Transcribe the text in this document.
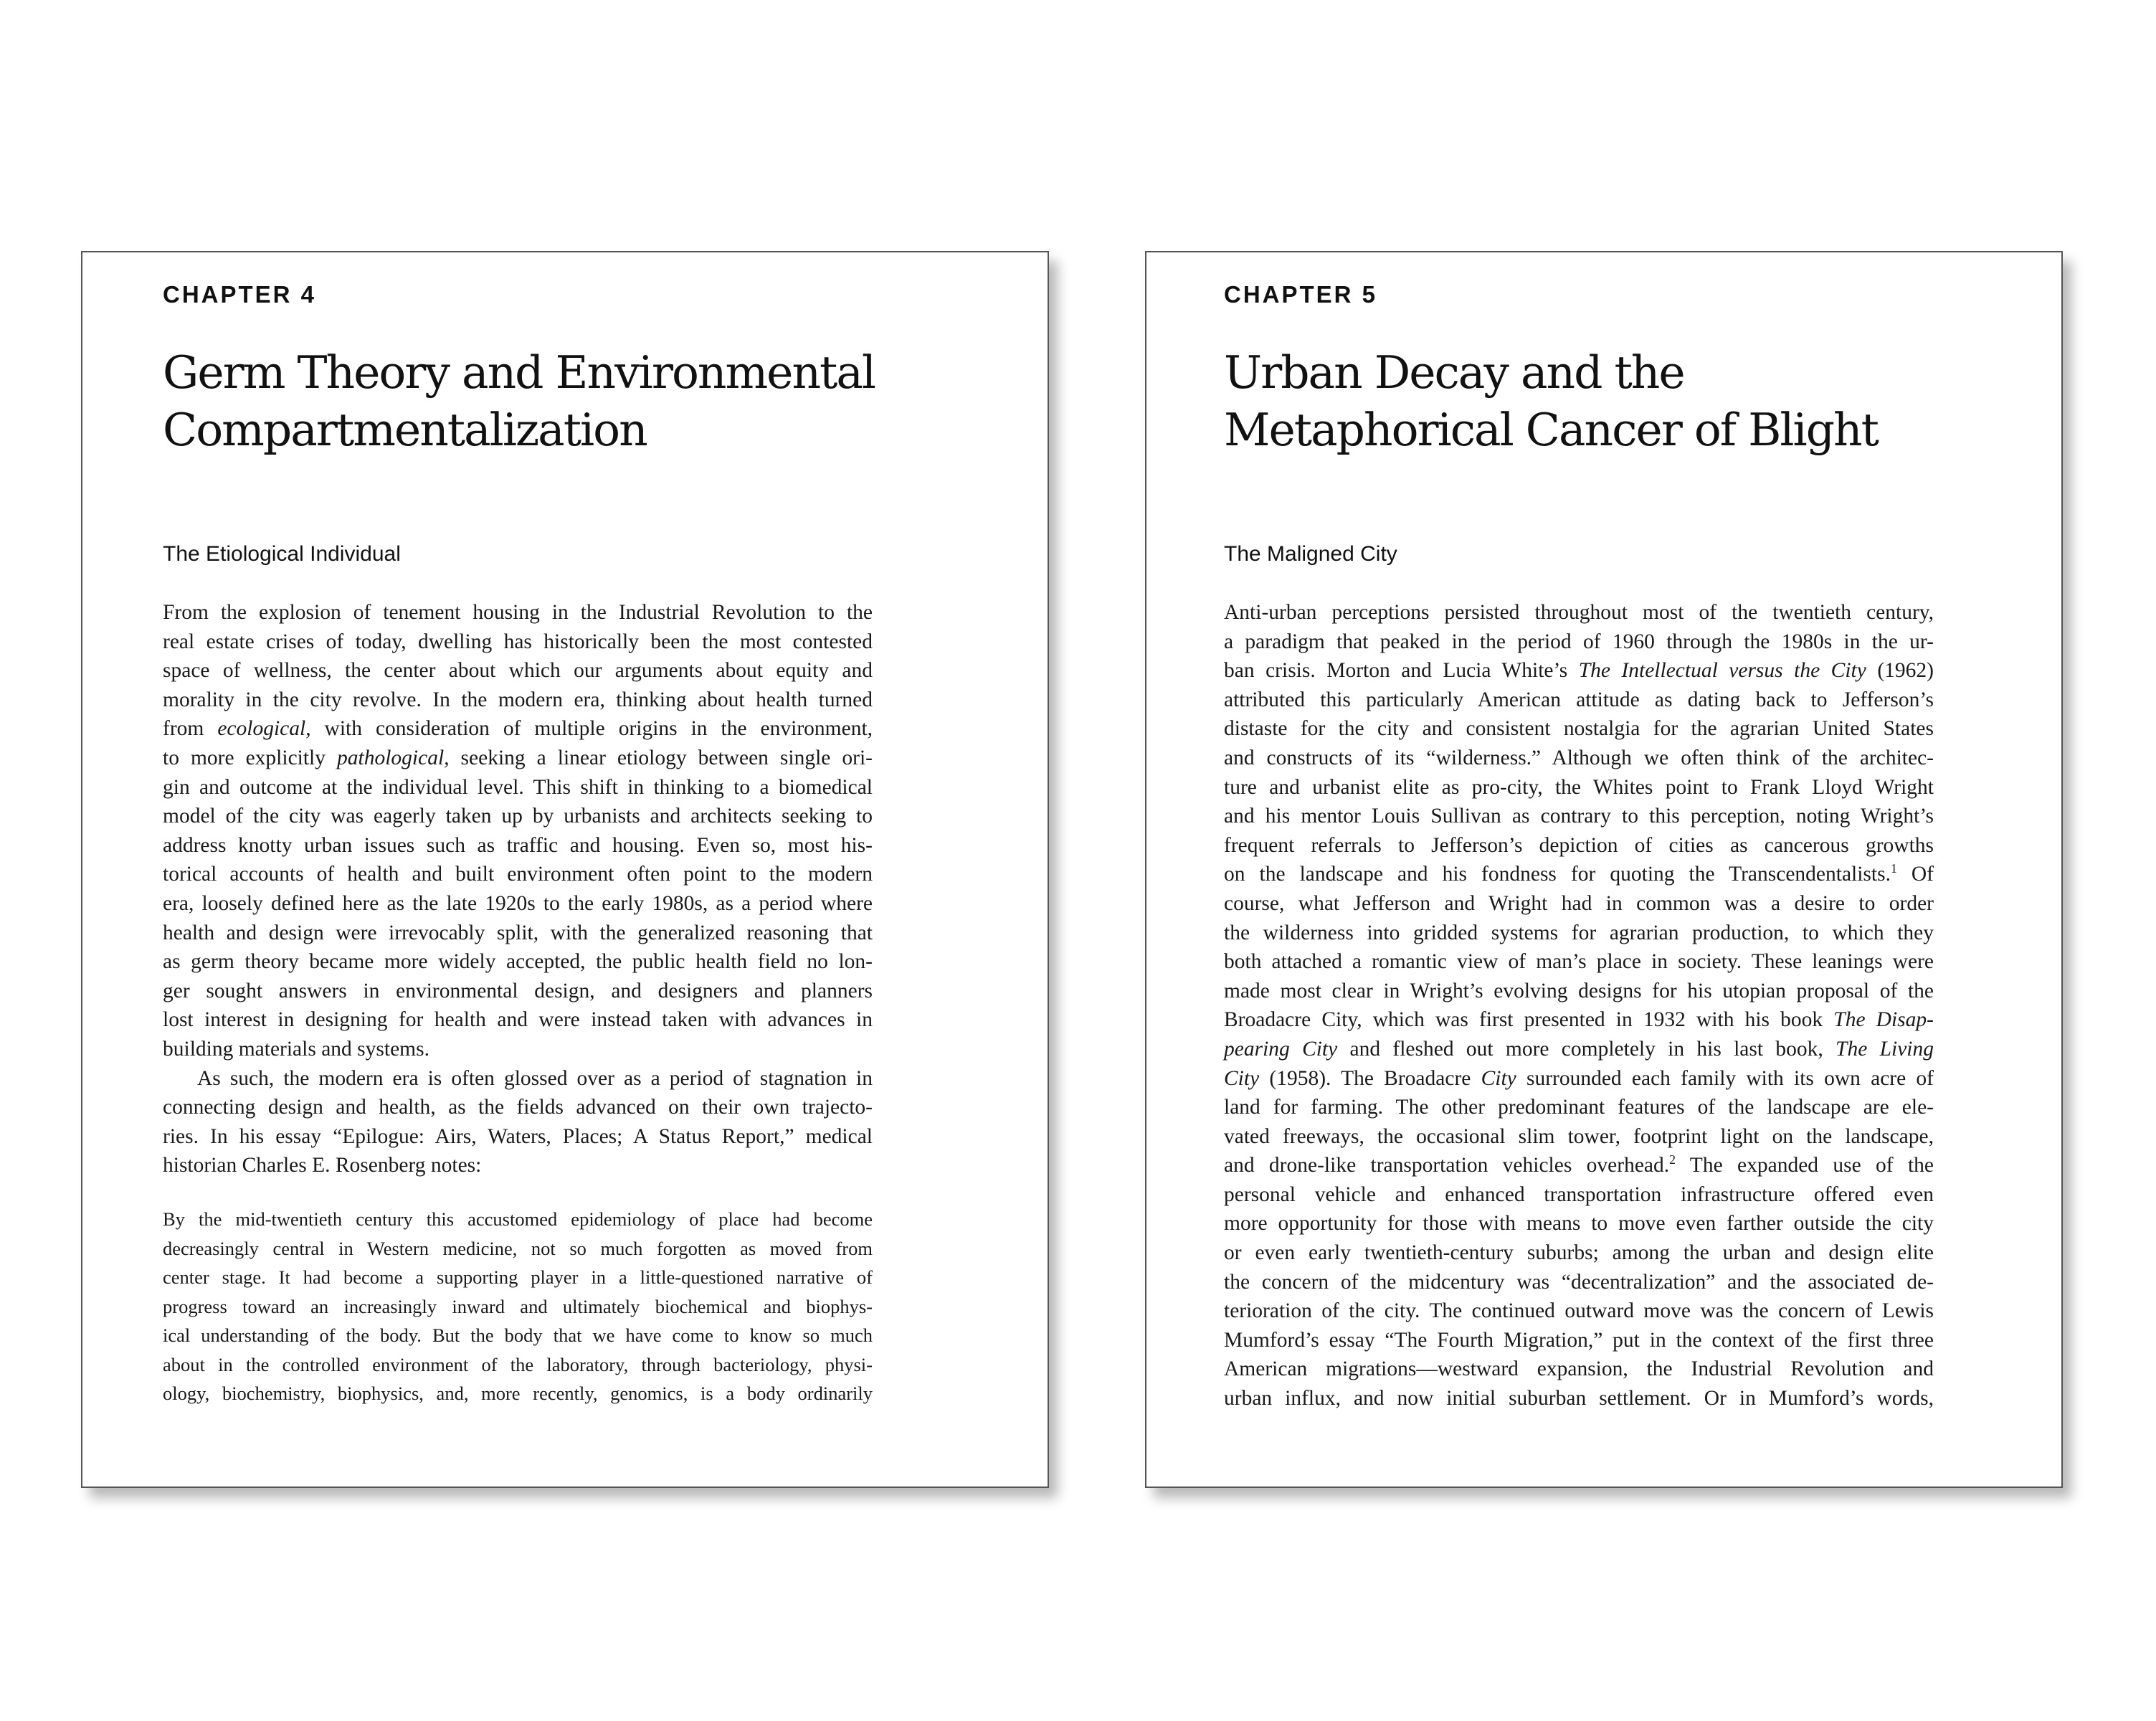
CHAPTER 4
Germ Theory and Environmental
Compartmentalization
The Etiological Individual
From the explosion of tenement housing in the Industrial Revolution to the
real estate crises of today, dwelling has historically been the most contested
space of wellness, the center about which our arguments about equity and
morality in the city revolve. In the modern era, thinking about health turned
from ecological, with consideration of multiple origins in the environment,
to more explicitly pathological, seeking a linear etiology between single ori-
gin and outcome at the individual level. This shift in thinking to a biomedical
model of the city was eagerly taken up by urbanists and architects seeking to
address knotty urban issues such as traffic and housing. Even so, most his-
torical accounts of health and built environment often point to the modern
era, loosely defined here as the late 1920s to the early 1980s, as a period where
health and design were irrevocably split, with the generalized reasoning that
as germ theory became more widely accepted, the public health field no lon-
ger sought answers in environmental design, and designers and planners
lost interest in designing for health and were instead taken with advances in
building materials and systems.
As such, the modern era is often glossed over as a period of stagnation in
connecting design and health, as the fields advanced on their own trajecto-
ries. In his essay “Epilogue: Airs, Waters, Places; A Status Report,” medical
historian Charles E. Rosenberg notes:
By the mid-twentieth century this accustomed epidemiology of place had become
decreasingly central in Western medicine, not so much forgotten as moved from
center stage. It had become a supporting player in a little-questioned narrative of
progress toward an increasingly inward and ultimately biochemical and biophys-
ical understanding of the body. But the body that we have come to know so much
about in the controlled environment of the laboratory, through bacteriology, physi-
ology, biochemistry, biophysics, and, more recently, genomics, is a body ordinarily
CHAPTER 5
Urban Decay and the
Metaphorical Cancer of Blight
The Maligned City
Anti-urban perceptions persisted throughout most of the twentieth century,
a paradigm that peaked in the period of 1960 through the 1980s in the ur-
ban crisis. Morton and Lucia White’s The Intellectual versus the City (1962)
attributed this particularly American attitude as dating back to Jefferson’s
distaste for the city and consistent nostalgia for the agrarian United States
and constructs of its “wilderness.” Although we often think of the architec-
ture and urbanist elite as pro-city, the Whites point to Frank Lloyd Wright
and his mentor Louis Sullivan as contrary to this perception, noting Wright’s
frequent referrals to Jefferson’s depiction of cities as cancerous growths
on the landscape and his fondness for quoting the Transcendentalists.$^1$ Of
course, what Jefferson and Wright had in common was a desire to order
the wilderness into gridded systems for agrarian production, to which they
both attached a romantic view of man’s place in society. These leanings were
made most clear in Wright’s evolving designs for his utopian proposal of the
Broadacre City, which was first presented in 1932 with his book The Disap-
pearing City and fleshed out more completely in his last book, The Living
City (1958). The Broadacre City surrounded each family with its own acre of
land for farming. The other predominant features of the landscape are ele-
vated freeways, the occasional slim tower, footprint light on the landscape,
and drone-like transportation vehicles overhead.$^2$ The expanded use of the
personal vehicle and enhanced transportation infrastructure offered even
more opportunity for those with means to move even farther outside the city
or even early twentieth-century suburbs; among the urban and design elite
the concern of the midcentury was “decentralization” and the associated de-
terioration of the city. The continued outward move was the concern of Lewis
Mumford’s essay “The Fourth Migration,” put in the context of the first three
American migrations—westward expansion, the Industrial Revolution and
urban influx, and now initial suburban settlement. Or in Mumford’s words,
